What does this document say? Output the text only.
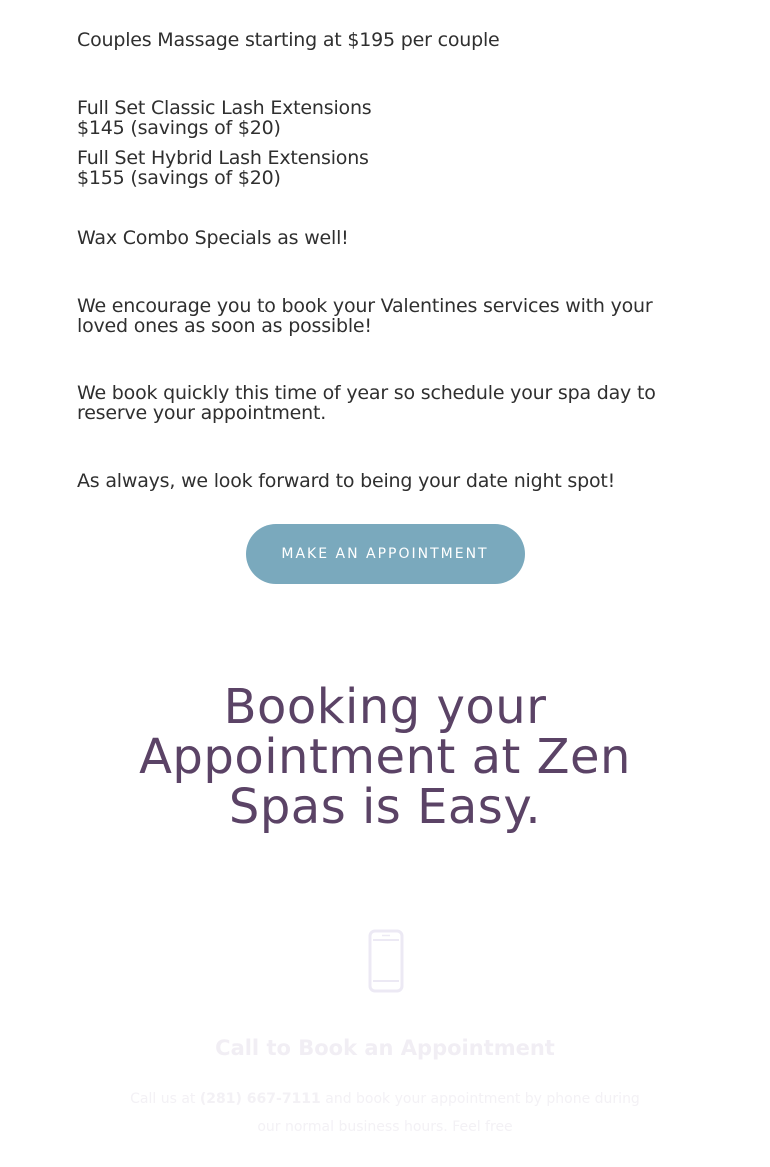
Couples Massage starting at $195 per couple

Full Set Classic Lash Extensions

$145 (savings of $20)

Full Set Hybrid Lash Extensions

$155 (savings of $20)

Wax Combo Specials as well!

We encourage you to book your Valentines services with your loved ones as soon as possible!

We book quickly this time of year so schedule your spa day to reserve your appointment.

As always, we look forward to being your date night spot!

MAKE AN APPOINTMENT
Booking your
Appointment at Zen
Spas is Easy.
Call to Book an Appointment

Call us at (281) 667-7111 and book your appointment by phone during our normal business hours. Feel free
